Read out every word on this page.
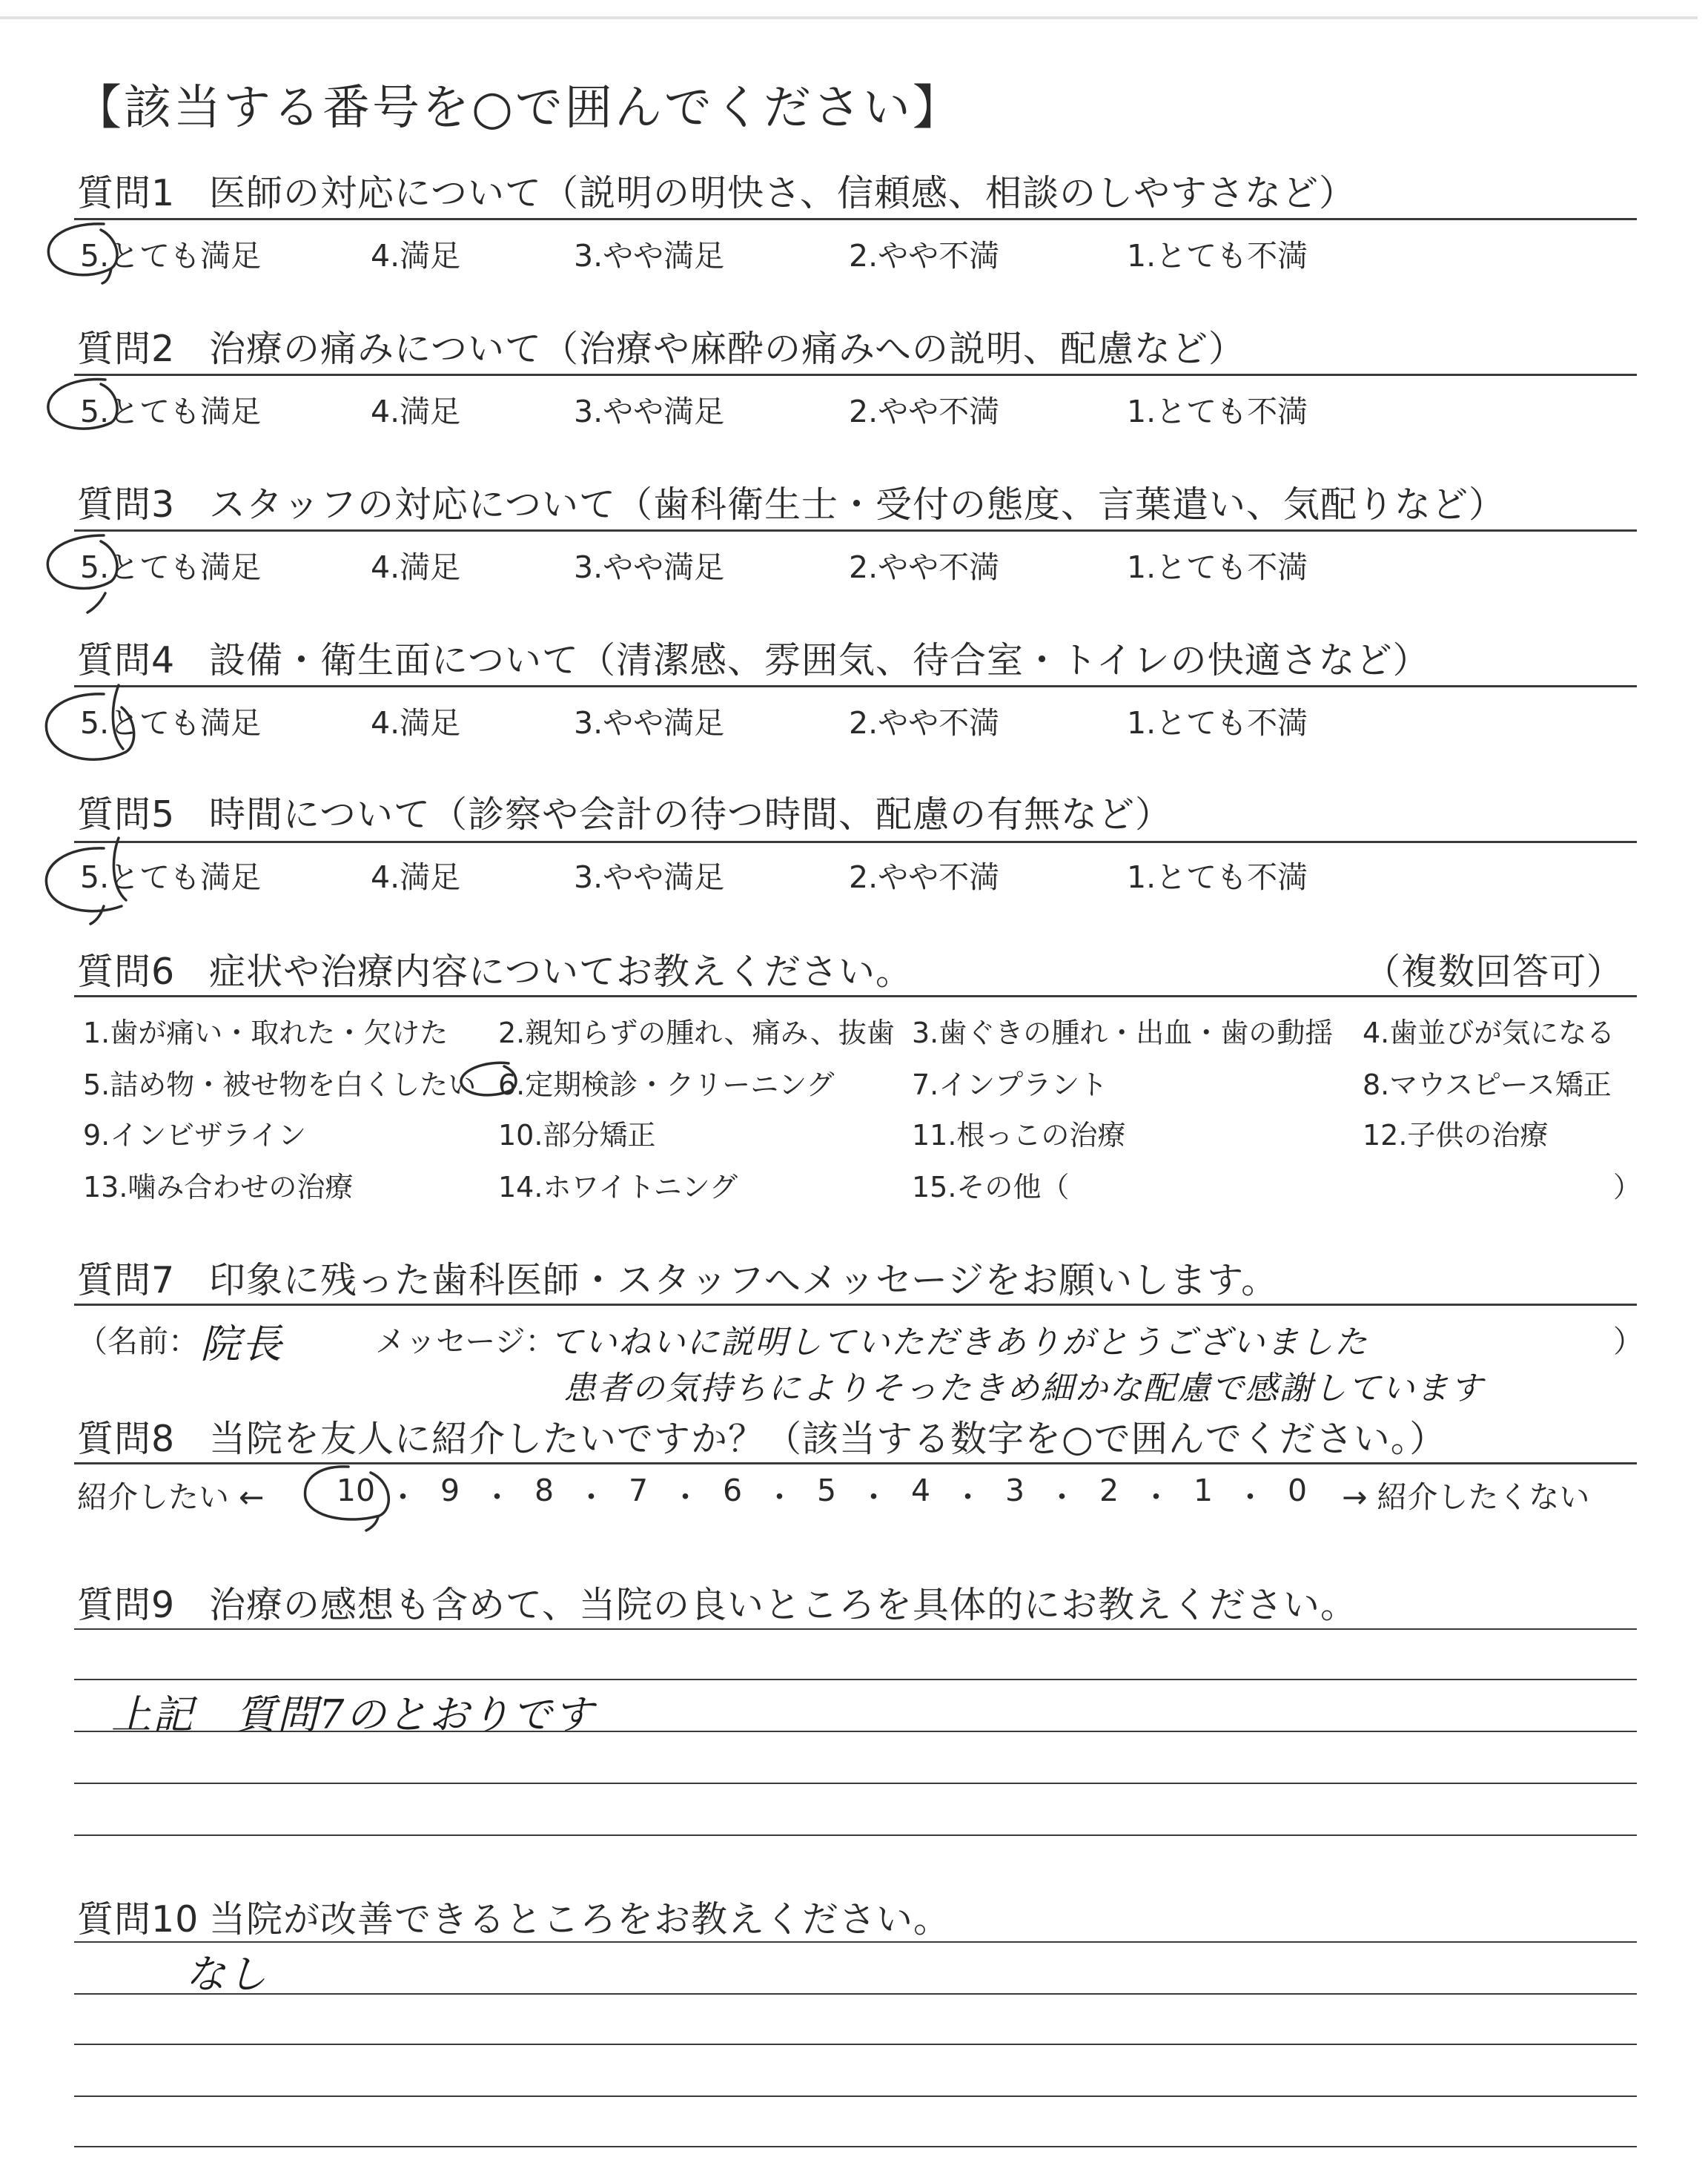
【該当する番号を○で囲んでください】
質問1 医師の対応について（説明の明快さ、信頼感、相談のしやすさなど）
5.とても満足	4.満足	3.やや満足	2.やや不満	1.とても不満
質問2 治療の痛みについて（治療や麻酔の痛みへの説明、配慮など）
5.とても満足	4.満足	3.やや満足	2.やや不満	1.とても不満
質問3 スタッフの対応について（歯科衛生士・受付の態度、言葉遣い、気配りなど）
5.とても満足	4.満足	3.やや満足	2.やや不満	1.とても不満
質問4 設備・衛生面について（清潔感、雰囲気、待合室・トイレの快適さなど）
5.とても満足	4.満足	3.やや満足	2.やや不満	1.とても不満
質問5 時間について（診察や会計の待つ時間、配慮の有無など）
5.とても満足	4.満足	3.やや満足	2.やや不満	1.とても不満
質問6 症状や治療内容についてお教えください。	（複数回答可）
1.歯が痛い・取れた・欠けた 2.親知らずの腫れ、痛み、抜歯 3.歯ぐきの腫れ・出血・歯の動揺 4.歯並びが気になる
5.詰め物・被せ物を白くしたい 6.定期検診・クリーニング	7.インプラント	8.マウスピース矯正
9.インビザライン	10.部分矯正	11.根っこの治療	12.子供の治療
13.噛み合わせの治療	14.ホワイトニング	15.その他（	）
質問7 印象に残った歯科医師・スタッフへメッセージをお願いします。
（名前： 院長	メッセージ：
ていねいに説明していただきありがとうございました
患者の気持ちによりそったきめ細かな配慮で感謝しています
）
質問8 当院を友人に紹介したいですか？（該当する数字を○で囲んでください。）
紹介したい ← 10 ・ 9 ・ 8 ・ 7 ・ 6 ・ 5 ・ 4 ・ 3 ・ 2 ・ 1 ・ 0	→ 紹介したくない
質問9 治療の感想も含めて、当院の良いところを具体的にお教えください。
上記　質問7のとおりです
質問10 当院が改善できるところをお教えください。
なし
